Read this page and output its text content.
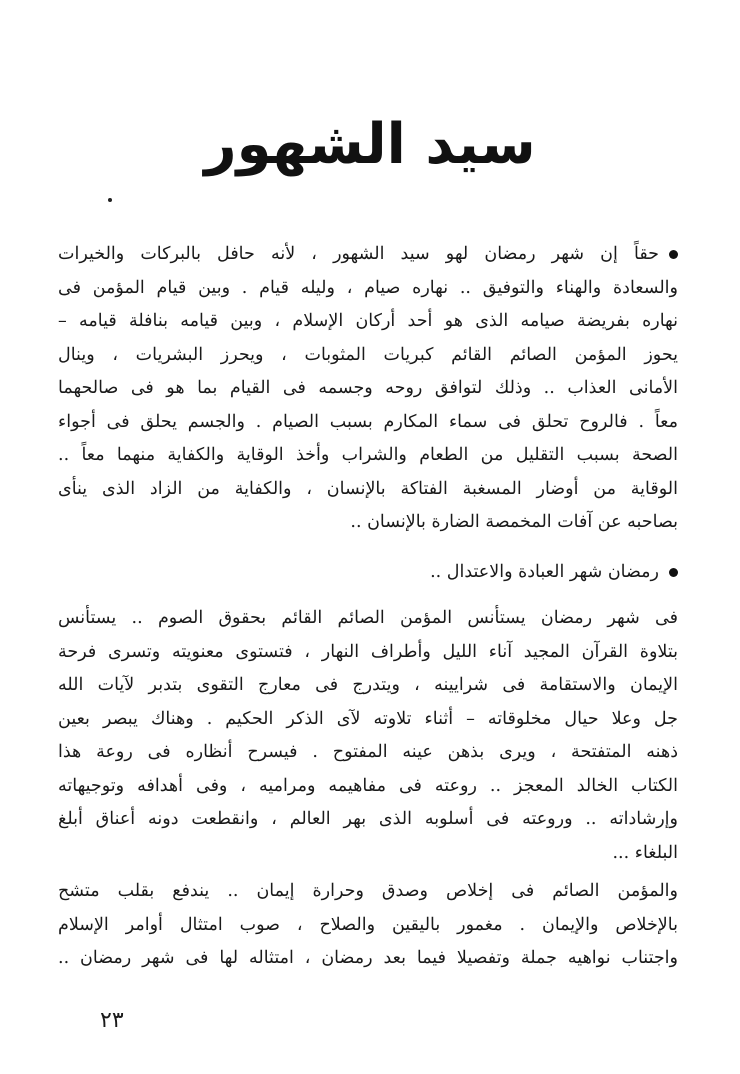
سيد الشهور
حقاً إن شهر رمضان لهو سيد الشهور ، لأنه حافل بالبركات والخيرات
والسعادة والهناء والتوفيق .. نهاره صيام ، وليله قيام . وبين قيام المؤمن فى
نهاره بفريضة صيامه الذى هو أحد أركان الإسلام ، وبين قيامه بنافلة قيامه –
يحوز المؤمن الصائم القائم كبريات المثوبات ، ويحرز البشريات ، وينال
الأمانى العذاب .. وذلك لتوافق روحه وجسمه فى القيام بما هو فى صالحهما
معاً . فالروح تحلق فى سماء المكارم بسبب الصيام . والجسم يحلق فى أجواء
الصحة بسبب التقليل من الطعام والشراب وأخذ الوقاية والكفاية منهما معاً ..
الوقاية من أوضار المسغبة الفتاكة بالإنسان ، والكفاية من الزاد الذى ينأى
بصاحبه عن آفات المخمصة الضارة بالإنسان ..
رمضان شهر العبادة والاعتدال ..
فى شهر رمضان يستأنس المؤمن الصائم القائم بحقوق الصوم .. يستأنس
بتلاوة القرآن المجيد آناء الليل وأطراف النهار ، فتستوى معنويته وتسرى فرحة
الإيمان والاستقامة فى شرايينه ، ويتدرج فى معارج التقوى بتدبر لآيات الله
جل وعلا حيال مخلوقاته – أثناء تلاوته لآى الذكر الحكيم . وهناك يبصر بعين
ذهنه المتفتحة ، ويرى بذهن عينه المفتوح . فيسرح أنظاره فى روعة هذا
الكتاب الخالد المعجز .. روعته فى مفاهيمه ومراميه ، وفى أهدافه وتوجيهاته
وإرشاداته .. وروعته فى أسلوبه الذى بهر العالم ، وانقطعت دونه أعناق أبلغ
البلغاء ...
والمؤمن الصائم فى إخلاص وصدق وحرارة إيمان .. يندفع بقلب متشح
بالإخلاص والإيمان . مغمور باليقين والصلاح ، صوب امتثال أوامر الإسلام
واجتناب نواهيه جملة وتفصيلا فيما بعد رمضان ، امتثاله لها فى شهر رمضان ..
٢٣
